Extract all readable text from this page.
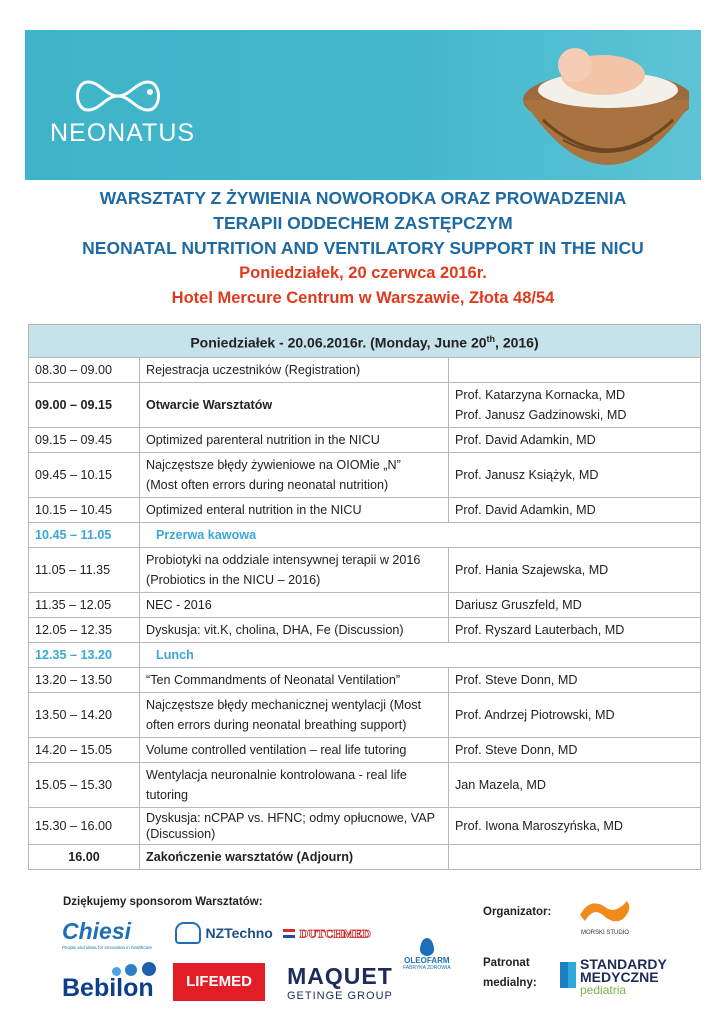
NEONATUS
WARSZTATY Z ŻYWIENIA NOWORODKA ORAZ PROWADZENIA
TERAPII ODDECHEM ZASTĘPCZYM
NEONATAL NUTRITION AND VENTILATORY SUPPORT IN THE NICU
Poniedziałek, 20 czerwca 2016r.
Hotel Mercure Centrum w Warszawie, Złota 48/54
Poniedziałek - 20.06.2016r. (Monday, June 20th, 2016)		
08.30 – 09.00	Rejestracja uczestników (Registration)	
09.00 – 09.15	Otwarcie Warsztatów	Prof. Katarzyna Kornacka, MD
Prof. Janusz Gadzinowski, MD

09.15 – 09.45	Optimized parenteral nutrition in the NICU	Prof. David Adamkin, MD
09.45 – 10.15	Najczęstsze błędy żywieniowe na OIOMie „N”
(Most often errors during neonatal nutrition)	Prof. Janusz Książyk, MD
10.15 – 10.45	Optimized enteral nutrition in the NICU	Prof. David Adamkin, MD
10.45 – 11.05	Przerwa kawowa	
11.05 – 11.35	Probiotyki na oddziale intensywnej terapii w 2016
(Probiotics in the NICU – 2016)	Prof. Hania Szajewska, MD
11.35 – 12.05	NEC - 2016	Dariusz Gruszfeld, MD
12.05 – 12.35	Dyskusja: vit.K, cholina, DHA, Fe (Discussion)	Prof. Ryszard Lauterbach, MD
12.35 – 13.20	Lunch	
13.20 – 13.50	“Ten Commandments of Neonatal Ventilation”	Prof. Steve Donn, MD
13.50 – 14.20	Najczęstsze błędy mechanicznej wentylacji (Most
often errors during neonatal breathing support)	Prof. Andrzej Piotrowski, MD
14.20 – 15.05	Volume controlled ventilation – real life tutoring	Prof. Steve Donn, MD
15.05 – 15.30	Wentylacja neuronalnie kontrolowana - real life
tutoring	Jan Mazela, MD
15.30 – 16.00	Dyskusja: nCPAP vs. HFNC; odmy opłucnowe, VAP
(Discussion)	Prof. Iwona Maroszyńska, MD
16.00	Zakończenie warsztatów (Adjourn)	
Dziękujemy sponsorom Warsztatów:
Organizator:
Patronat
medialny:
Chiesi
People and ideas for innovation in healthcare
NZTechno	DUTCHMED
OLEOFARM
FABRYKA ZDROWIA

Bebilon	LIFEMED	MAQUET
GETINGE GROUP
MORSKI STUDIO
STANDARDY
MEDYCZNE
pediatria
